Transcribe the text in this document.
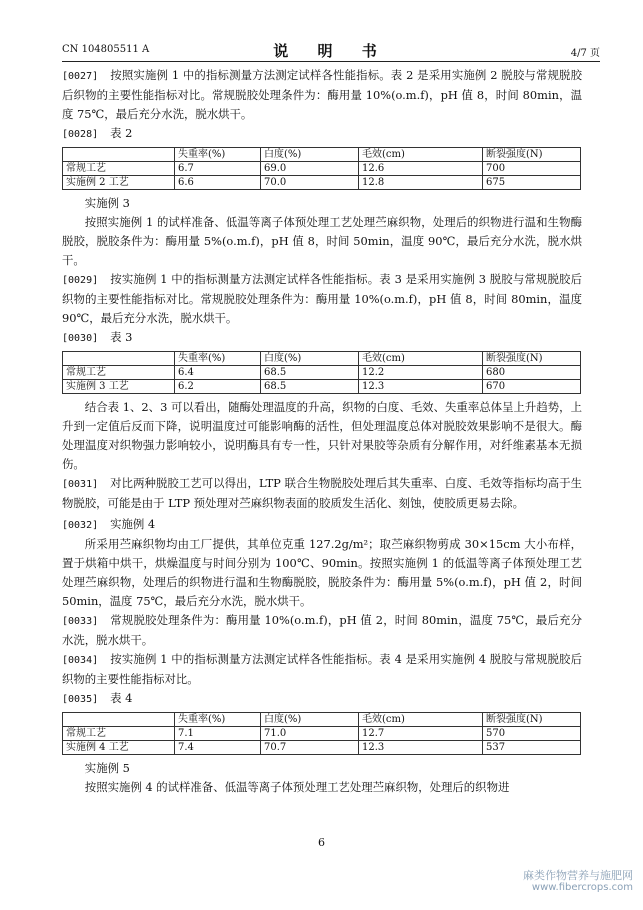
CN 104805511 A	说 明 书	4/7 页

[0027] 按照实施例 1 中的指标测量方法测定试样各性能指标。表 2 是采用实施例 2 脱胶与常规脱胶后织物的主要性能指标对比。常规脱胶处理条件为：酶用量 10%(o.m.f)，pH 值 8，时间 80min，温度 75℃，最后充分水洗，脱水烘干。

[0028] 表 2

	失重率(%)	白度(%)	毛效(cm)	断裂强度(N)
常规工艺	6.7	69.0	12.6	700
实施例 2 工艺	6.6	70.0	12.8	675

实施例 3

按照实施例 1 的试样准备、低温等离子体预处理工艺处理苎麻织物，处理后的织物进行温和生物酶脱胶，脱胶条件为：酶用量 5%(o.m.f)，pH 值 8，时间 50min，温度 90℃，最后充分水洗，脱水烘干。

[0029] 按实施例 1 中的指标测量方法测定试样各性能指标。表 3 是采用实施例 3 脱胶与常规脱胶后织物的主要性能指标对比。常规脱胶处理条件为：酶用量 10%(o.m.f)，pH 值 8，时间 80min，温度 90℃，最后充分水洗，脱水烘干。

[0030] 表 3

	失重率(%)	白度(%)	毛效(cm)	断裂强度(N)
常规工艺	6.4	68.5	12.2	680
实施例 3 工艺	6.2	68.5	12.3	670

结合表 1、2、3 可以看出，随酶处理温度的升高，织物的白度、毛效、失重率总体呈上升趋势，上升到一定值后反而下降，说明温度过可能影响酶的活性，但处理温度总体对脱胶效果影响不是很大。酶处理温度对织物强力影响较小，说明酶具有专一性，只针对果胶等杂质有分解作用，对纤维素基本无损伤。

[0031] 对比两种脱胶工艺可以得出，LTP 联合生物脱胶处理后其失重率、白度、毛效等指标均高于生物脱胶，可能是由于 LTP 预处理对苎麻织物表面的胶质发生活化、刻蚀，使胶质更易去除。

[0032] 实施例 4

所采用苎麻织物均由工厂提供，其单位克重 127.2g/m²；取苎麻织物剪成 30×15cm 大小布样，置于烘箱中烘干，烘燥温度与时间分别为 100℃、90min。按照实施例 1 的低温等离子体预处理工艺处理苎麻织物，处理后的织物进行温和生物酶脱胶，脱胶条件为：酶用量 5%(o.m.f)，pH 值 2，时间 50min，温度 75℃，最后充分水洗，脱水烘干。

[0033] 常规脱胶处理条件为：酶用量 10%(o.m.f)，pH 值 2，时间 80min，温度 75℃，最后充分水洗，脱水烘干。

[0034] 按实施例 1 中的指标测量方法测定试样各性能指标。表 4 是采用实施例 4 脱胶与常规脱胶后织物的主要性能指标对比。

[0035] 表 4

	失重率(%)	白度(%)	毛效(cm)	断裂强度(N)
常规工艺	7.1	71.0	12.7	570
实施例 4 工艺	7.4	70.7	12.3	537

实施例 5

按照实施例 4 的试样准备、低温等离子体预处理工艺处理苎麻织物，处理后的织物进

6
麻类作物营养与施肥网
www.fibercrops.com
